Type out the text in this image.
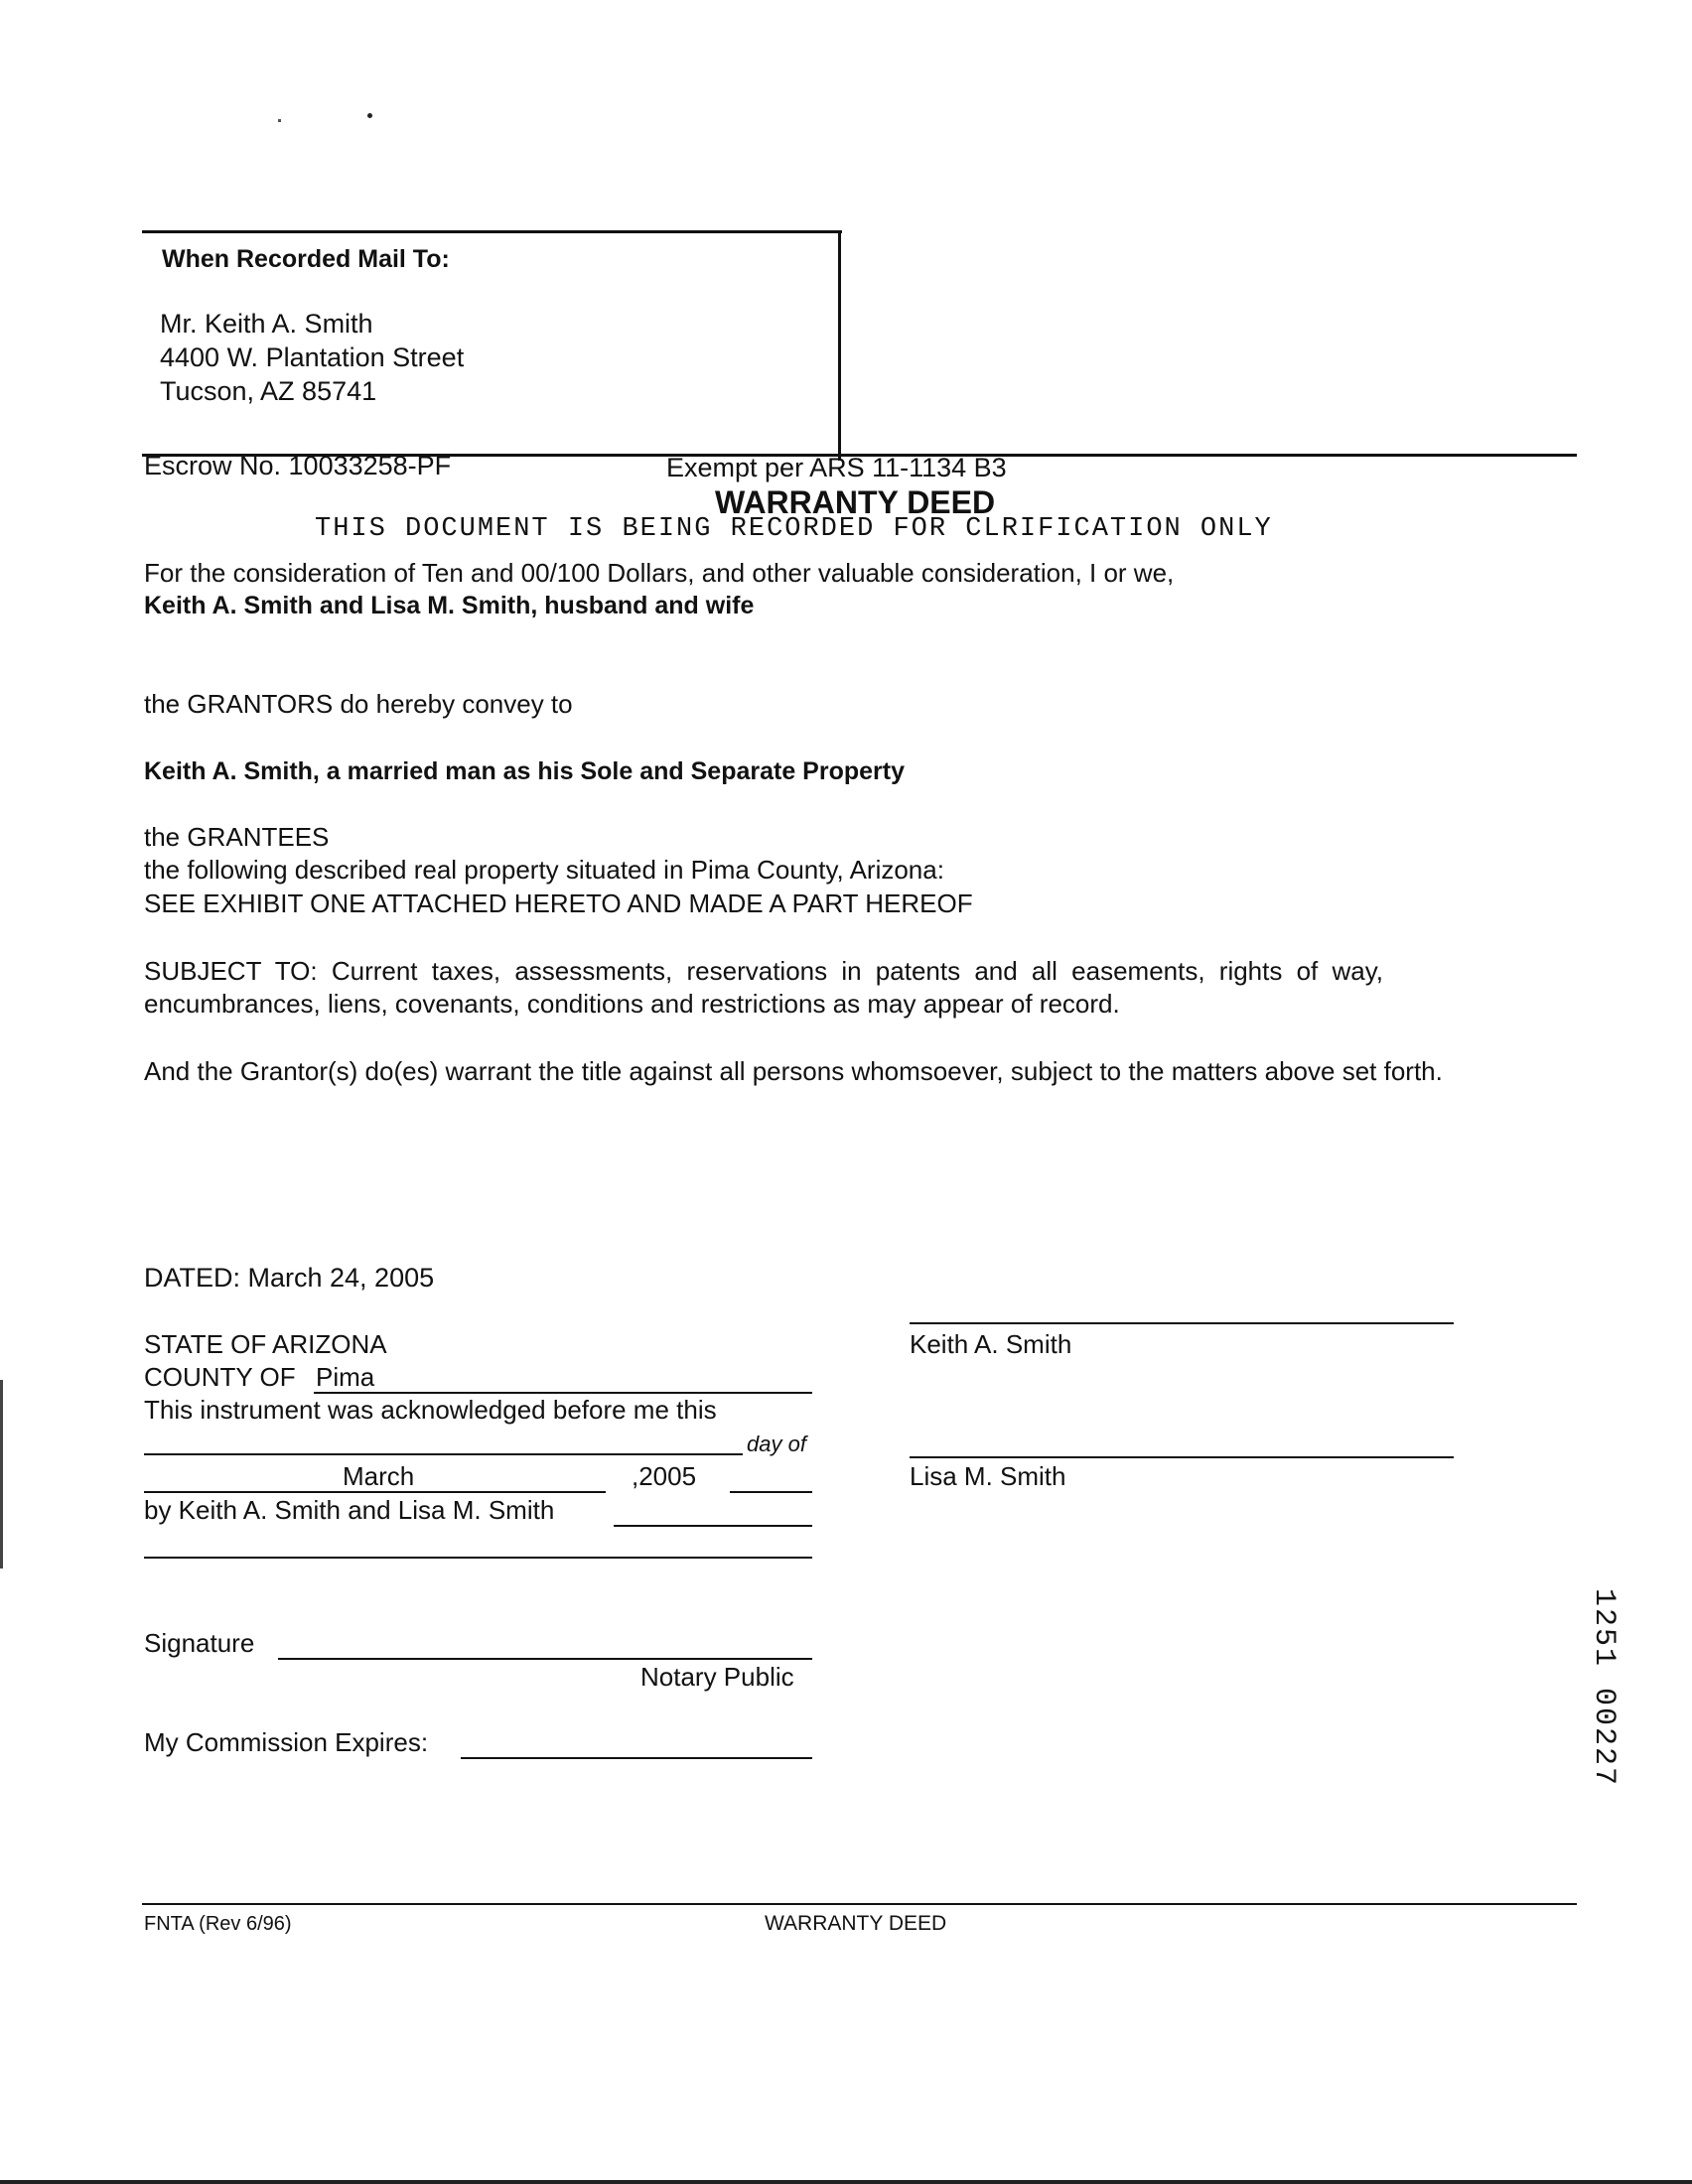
When Recorded Mail To:
Mr. Keith A. Smith
4400 W. Plantation Street
Tucson, AZ 85741
Escrow No. 10033258-PF	Exempt per ARS 11-1134 B3
WARRANTY DEED
THIS DOCUMENT IS BEING RECORDED FOR CLRIFICATION ONLY
For the consideration of Ten and 00/100 Dollars, and other valuable consideration, I or we,
Keith A. Smith and Lisa M. Smith, husband and wife
the GRANTORS do hereby convey to
Keith A. Smith, a married man as his Sole and Separate Property
the GRANTEES
the following described real property situated in Pima County, Arizona:
SEE EXHIBIT ONE ATTACHED HERETO AND MADE A PART HEREOF
SUBJECT TO: Current taxes, assessments, reservations in patents and all easements, rights of way,
encumbrances, liens, covenants, conditions and restrictions as may appear of record.
And the Grantor(s) do(es) warrant the title against all persons whomsoever, subject to the matters above set forth.
DATED: March 24, 2005
STATE OF ARIZONA
COUNTY OF Pima
This instrument was acknowledged before me this
day of
March	,2005
by Keith A. Smith and Lisa M. Smith
Signature
Notary Public
My Commission Expires:
Keith A. Smith
Lisa M. Smith
1251 00227
FNTA (Rev 6/96)	WARRANTY DEED
